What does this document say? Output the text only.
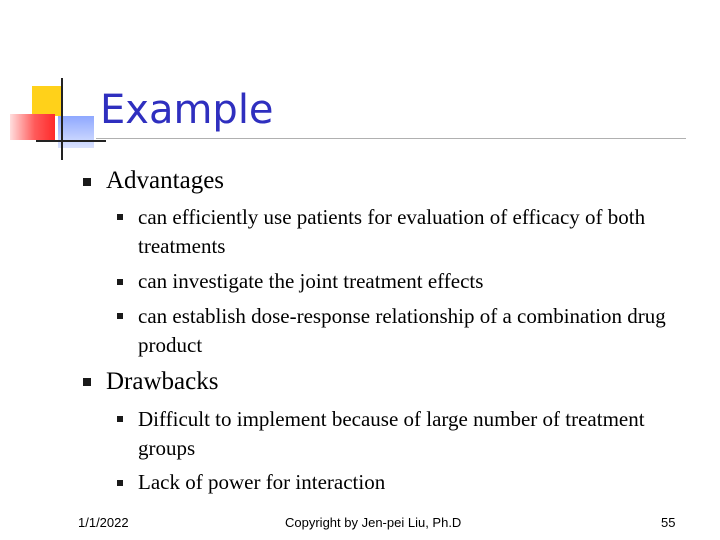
Example
Advantages
can efficiently use patients for evaluation of efficacy of both treatments
can investigate the joint treatment effects
can establish dose-response relationship of a combination drug product
Drawbacks
Difficult to implement because of large number of treatment groups
Lack of power for interaction
1/1/2022	Copyright by Jen-pei Liu, Ph.D	55
